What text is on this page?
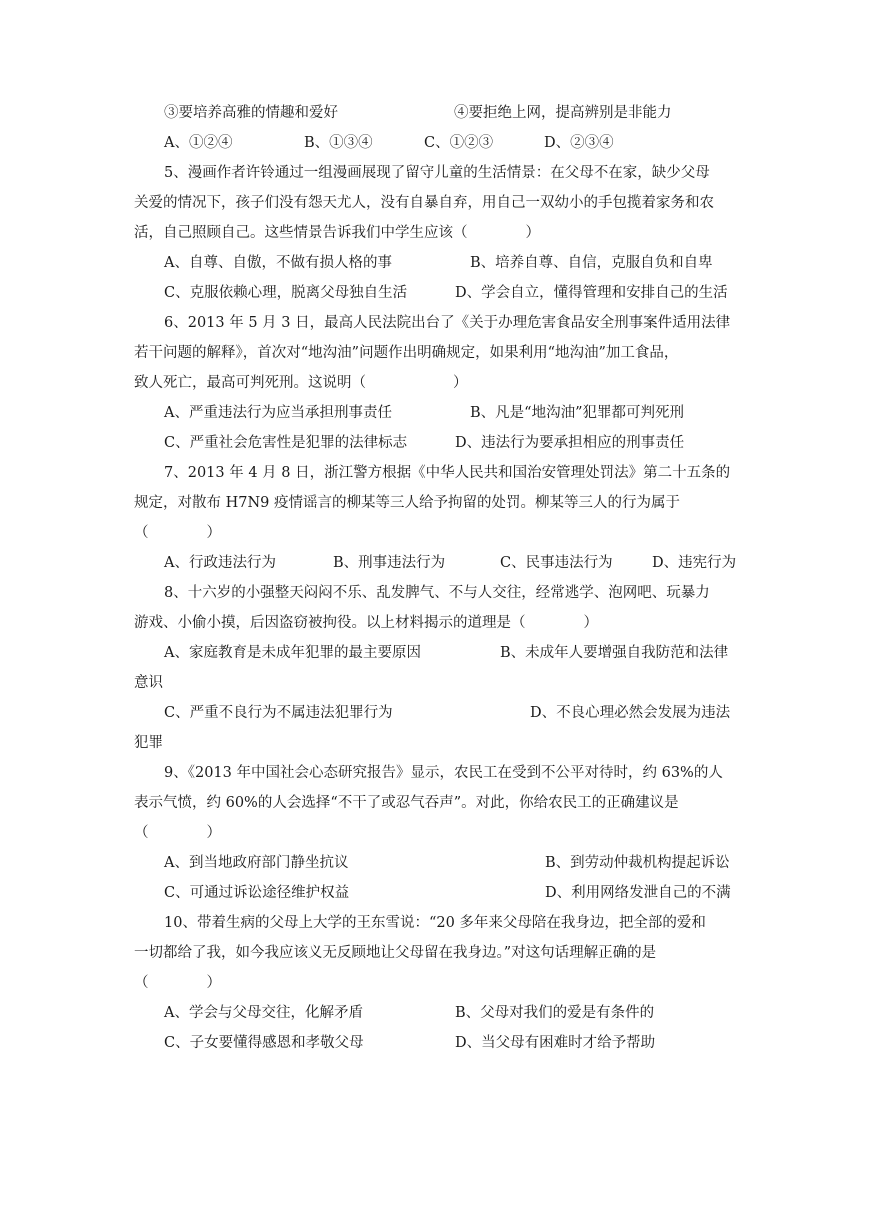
③要培养高雅的情趣和爱好	④要拒绝上网，提高辨别是非能力
A、①②④	B、①③④	C、①②③	D、②③④
5、漫画作者许铃通过一组漫画展现了留守儿童的生活情景：在父母不在家，缺少父母
关爱的情况下，孩子们没有怨天尤人，没有自暴自弃，用自己一双幼小的手包揽着家务和农
活，自己照顾自己。这些情景告诉我们中学生应该（　　　　）
A、自尊、自傲，不做有损人格的事	B、培养自尊、自信，克服自负和自卑
C、克服依赖心理，脱离父母独自生活	D、学会自立，懂得管理和安排自己的生活
6、2013 年 5 月 3 日，最高人民法院出台了《关于办理危害食品安全刑事案件适用法律
若干问题的解释》，首次对“地沟油”问题作出明确规定，如果利用“地沟油”加工食品，
致人死亡，最高可判死刑。这说明（　　　　　　）
A、严重违法行为应当承担刑事责任	B、凡是“地沟油”犯罪都可判死刑
C、严重社会危害性是犯罪的法律标志	D、违法行为要承担相应的刑事责任
7、2013 年 4 月 8 日，浙江警方根据《中华人民共和国治安管理处罚法》第二十五条的
规定，对散布 H7N9 疫情谣言的柳某等三人给予拘留的处罚。柳某等三人的行为属于
（　　　　）
A、行政违法行为	B、刑事违法行为	C、民事违法行为	D、违宪行为
8、十六岁的小强整天闷闷不乐、乱发脾气、不与人交往，经常逃学、泡网吧、玩暴力
游戏、小偷小摸，后因盗窃被拘役。以上材料揭示的道理是（　　　　）
A、家庭教育是未成年犯罪的最主要原因	B、未成年人要增强自我防范和法律
意识
C、严重不良行为不属违法犯罪行为	D、不良心理必然会发展为违法
犯罪
9、《2013 年中国社会心态研究报告》显示，农民工在受到不公平对待时，约 63%的人
表示气愤，约 60%的人会选择“不干了或忍气吞声”。对此，你给农民工的正确建议是
（　　　　）
A、到当地政府部门静坐抗议	B、到劳动仲裁机构提起诉讼
C、可通过诉讼途径维护权益	D、利用网络发泄自己的不满
10、带着生病的父母上大学的王东雪说：“20 多年来父母陪在我身边，把全部的爱和
一切都给了我，如今我应该义无反顾地让父母留在我身边。”对这句话理解正确的是
（　　　　）
A、学会与父母交往，化解矛盾	B、父母对我们的爱是有条件的
C、子女要懂得感恩和孝敬父母	D、当父母有困难时才给予帮助
